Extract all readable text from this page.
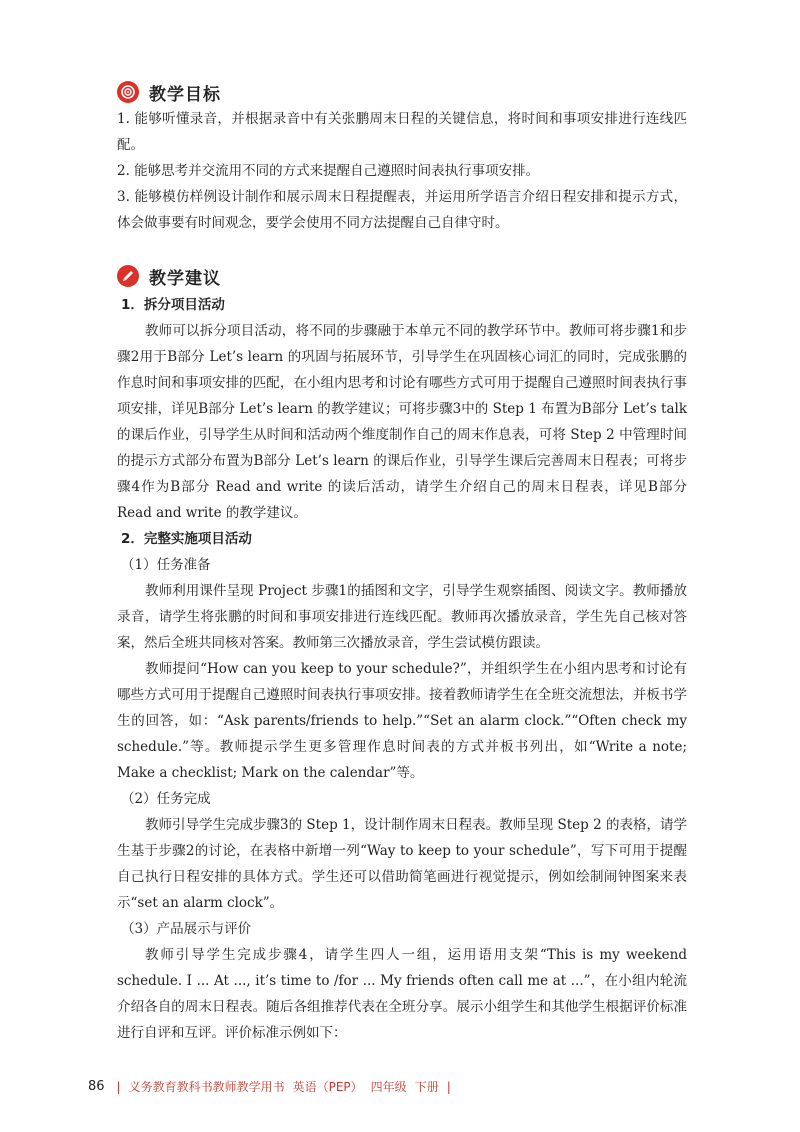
教学目标

1. 能够听懂录音，并根据录音中有关张鹏周末日程的关键信息，将时间和事项安排进行连线匹配。

2. 能够思考并交流用不同的方式来提醒自己遵照时间表执行事项安排。

3. 能够模仿样例设计制作和展示周末日程提醒表，并运用所学语言介绍日程安排和提示方式，体会做事要有时间观念，要学会使用不同方法提醒自己自律守时。

教学建议

1．拆分项目活动

教师可以拆分项目活动，将不同的步骤融于本单元不同的教学环节中。教师可将步骤1和步骤2用于B部分 Let’s learn 的巩固与拓展环节，引导学生在巩固核心词汇的同时，完成张鹏的作息时间和事项安排的匹配，在小组内思考和讨论有哪些方式可用于提醒自己遵照时间表执行事项安排，详见B部分 Let’s learn 的教学建议；可将步骤3中的 Step 1 布置为B部分 Let’s talk 的课后作业，引导学生从时间和活动两个维度制作自己的周末作息表，可将 Step 2 中管理时间的提示方式部分布置为B部分 Let’s learn 的课后作业，引导学生课后完善周末日程表；可将步骤4作为B部分 Read and write 的读后活动，请学生介绍自己的周末日程表，详见B部分 Read and write 的教学建议。

2．完整实施项目活动

（1）任务准备

教师利用课件呈现 Project 步骤1的插图和文字，引导学生观察插图、阅读文字。教师播放录音，请学生将张鹏的时间和事项安排进行连线匹配。教师再次播放录音，学生先自己核对答案，然后全班共同核对答案。教师第三次播放录音，学生尝试模仿跟读。

教师提问“How can you keep to your schedule?”，并组织学生在小组内思考和讨论有哪些方式可用于提醒自己遵照时间表执行事项安排。接着教师请学生在全班交流想法，并板书学生的回答，如：“Ask parents/friends to help.”“Set an alarm clock.”“Often check my schedule.”等。教师提示学生更多管理作息时间表的方式并板书列出，如“Write a note; Make a checklist; Mark on the calendar”等。

（2）任务完成

教师引导学生完成步骤3的 Step 1，设计制作周末日程表。教师呈现 Step 2 的表格，请学生基于步骤2的讨论，在表格中新增一列“Way to keep to your schedule”，写下可用于提醒自己执行日程安排的具体方式。学生还可以借助简笔画进行视觉提示，例如绘制闹钟图案来表示“set an alarm clock”。

（3）产品展示与评价

教师引导学生完成步骤4，请学生四人一组，运用语用支架“This is my weekend schedule. I ... At ..., it’s time to /for ... My friends often call me at ...”，在小组内轮流介绍各自的周末日程表。随后各组推荐代表在全班分享。展示小组学生和其他学生根据评价标准进行自评和互评。评价标准示例如下：

86 | 义务教育教科书教师教学用书 英语（PEP） 四年级 下册 |
